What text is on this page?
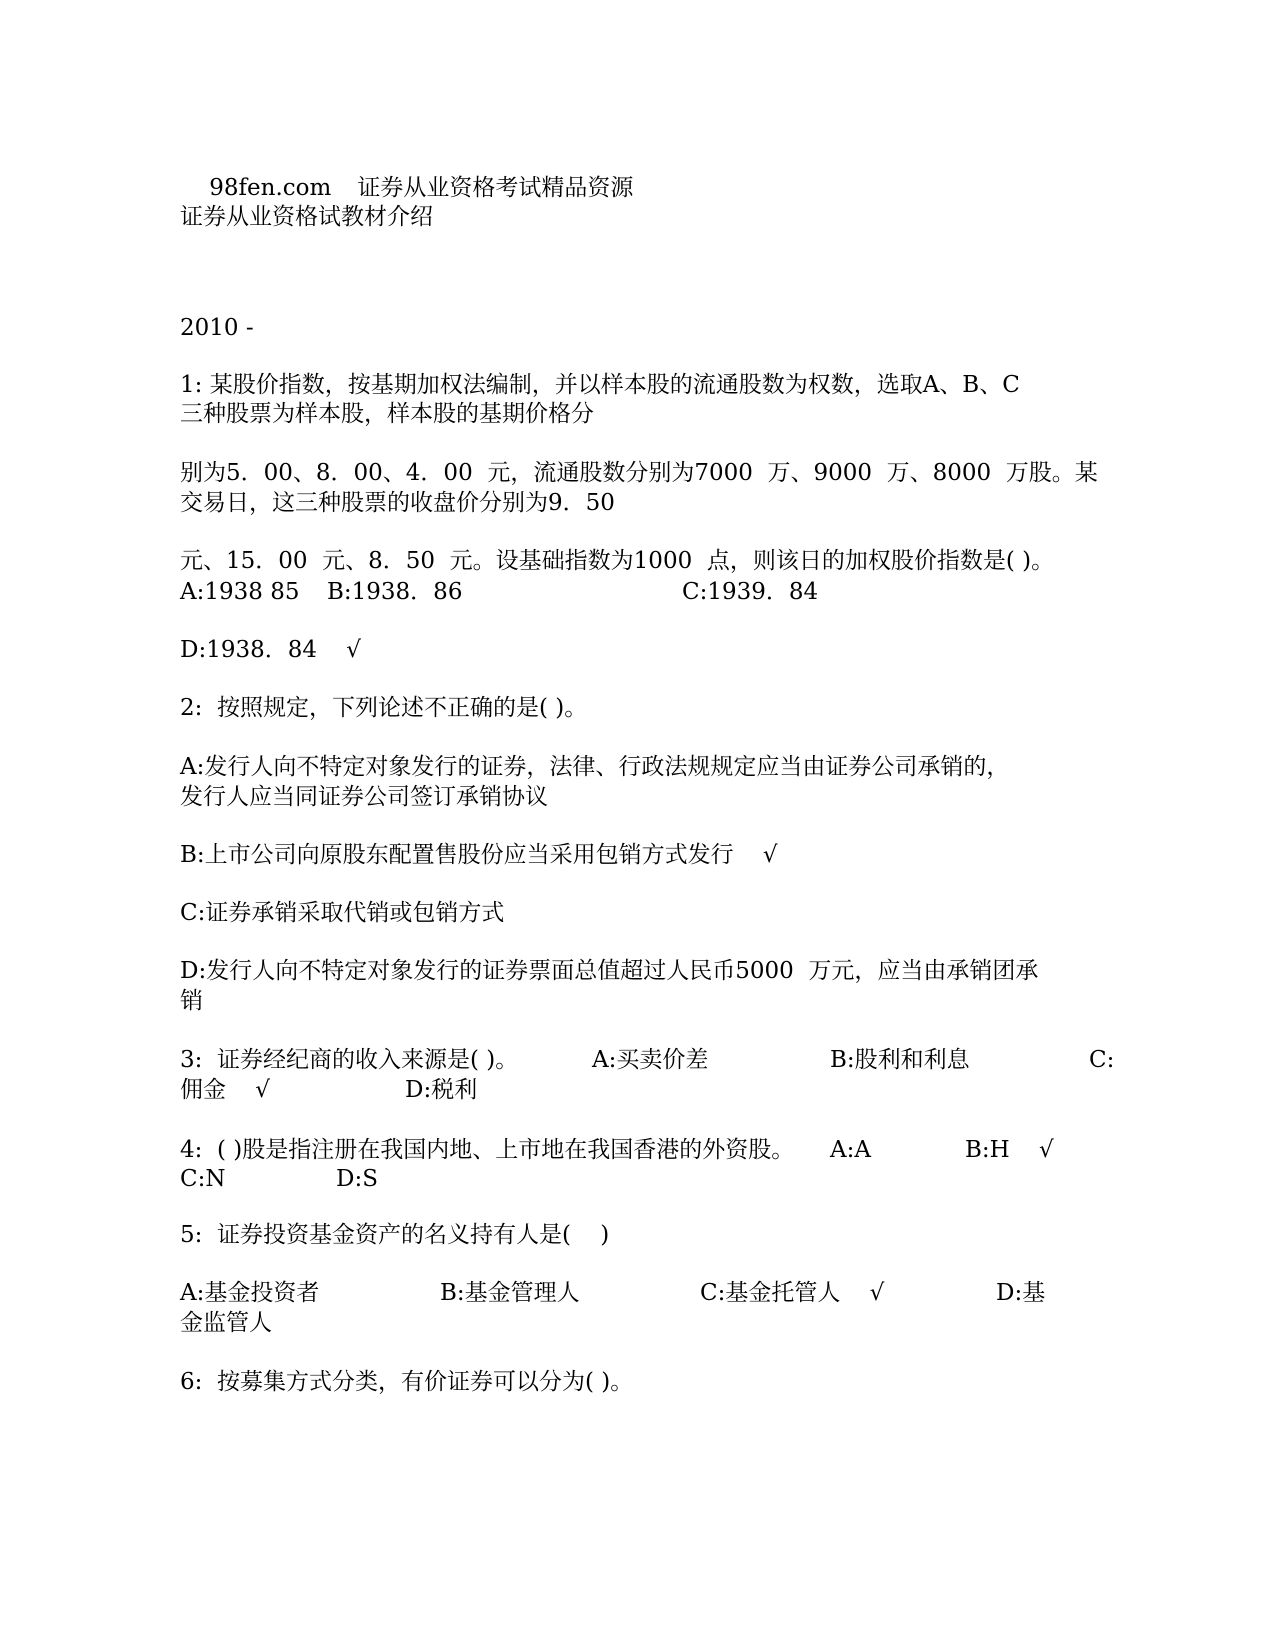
98fen.com 证券从业资格考试精品资源

证券从业资格试教材介绍
2010 -
1: 某股价指数，按基期加权法编制，并以样本股的流通股数为权数，选取A、B、C
三种股票为样本股，样本股的基期价格分
别为5．00、8．00、4．00  元，流通股数分别为7000  万、9000  万、8000  万股。某
交易日，这三种股票的收盘价分别为9．50
元、15．00  元、8．50  元。设基础指数为1000  点，则该日的加权股价指数是( )。
A:1938 85 B:1938．86	C:1939．84
D:1938．84    √
2:  按照规定，下列论述不正确的是( )。
A:发行人向不特定对象发行的证券，法律、行政法规规定应当由证券公司承销的，
发行人应当同证券公司签订承销协议
B:上市公司向原股东配置售股份应当采用包销方式发行    √
C:证券承销采取代销或包销方式
D:发行人向不特定对象发行的证券票面总值超过人民币5000  万元，应当由承销团承
销
3:  证券经纪商的收入来源是( )。	A:买卖价差	B:股利和利息	C:
佣金    √	D:税利
4:  ( )股是指注册在我国内地、上市地在我国香港的外资股。 A:A	B:H    √
C:N	D:S
5:  证券投资基金资产的名义持有人是(    )
A:基金投资者	B:基金管理人	C:基金托管人    √	D:基
金监管人
6:  按募集方式分类，有价证券可以分为( )。
